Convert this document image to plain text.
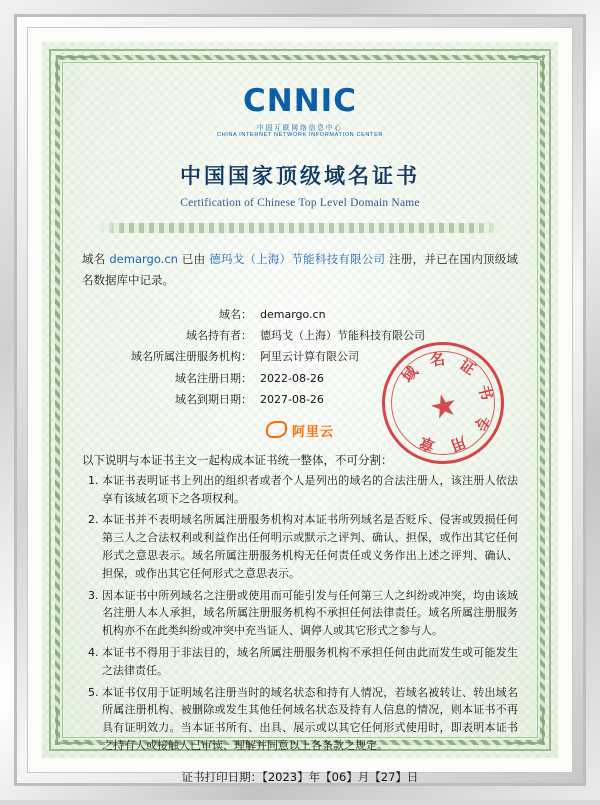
CNNIC
中国互联网络信息中心
CHINA INTERNET NETWORK INFORMATION CENTER
中国国家顶级域名证书
Certification of Chinese Top Level Domain Name
域名 demargo.cn 已由 德玛戈（上海）节能科技有限公司 注册，并已在国内顶级域名数据库中记录。
域名： demargo.cn
域名持有者： 德玛戈（上海）节能科技有限公司
域名所属注册服务机构： 阿里云计算有限公司
域名注册日期： 2022-08-26
域名到期日期： 2027-08-26
阿里云
以下说明与本证书主文一起构成本证书统一整体，不可分割：
1. 本证书表明证书上列出的组织者或者个人是列出的域名的合法注册人，该注册人依法享有该域名项下之各项权利。
2. 本证书并不表明域名所属注册服务机构对本证书所列域名是否贬斥、侵害或毁损任何第三人之合法权利或利益作出任何明示或默示之评判、确认、担保，或作出其它任何形式之意思表示。域名所属注册服务机构无任何责任或义务作出上述之评判、确认、担保，或作出其它任何形式之意思表示。
3. 因本证书中所列域名之注册或使用而可能引发与任何第三人之纠纷或冲突，均由该域名注册人本人承担，域名所属注册服务机构不承担任何法律责任。域名所属注册服务机构亦不在此类纠纷或冲突中充当证人、调停人或其它形式之参与人。
4. 本证书不得用于非法目的，域名所属注册服务机构不承担任何由此而发生或可能发生之法律责任。
5. 本证书仅用于证明域名注册当时的域名状态和持有人情况，若域名被转让、转出域名所属注册机构、被删除或发生其他任何域名状态及持有人信息的情况，则本证书不再具有证明效力。当本证书所有、出具、展示或以其它任何形式使用时，即表明本证书之持有人或接触人已审读、理解并同意以上各条款之规定。
证书打印日期：【2023】年【06】月【27】日
★
域
名 证
书
专
用
章
